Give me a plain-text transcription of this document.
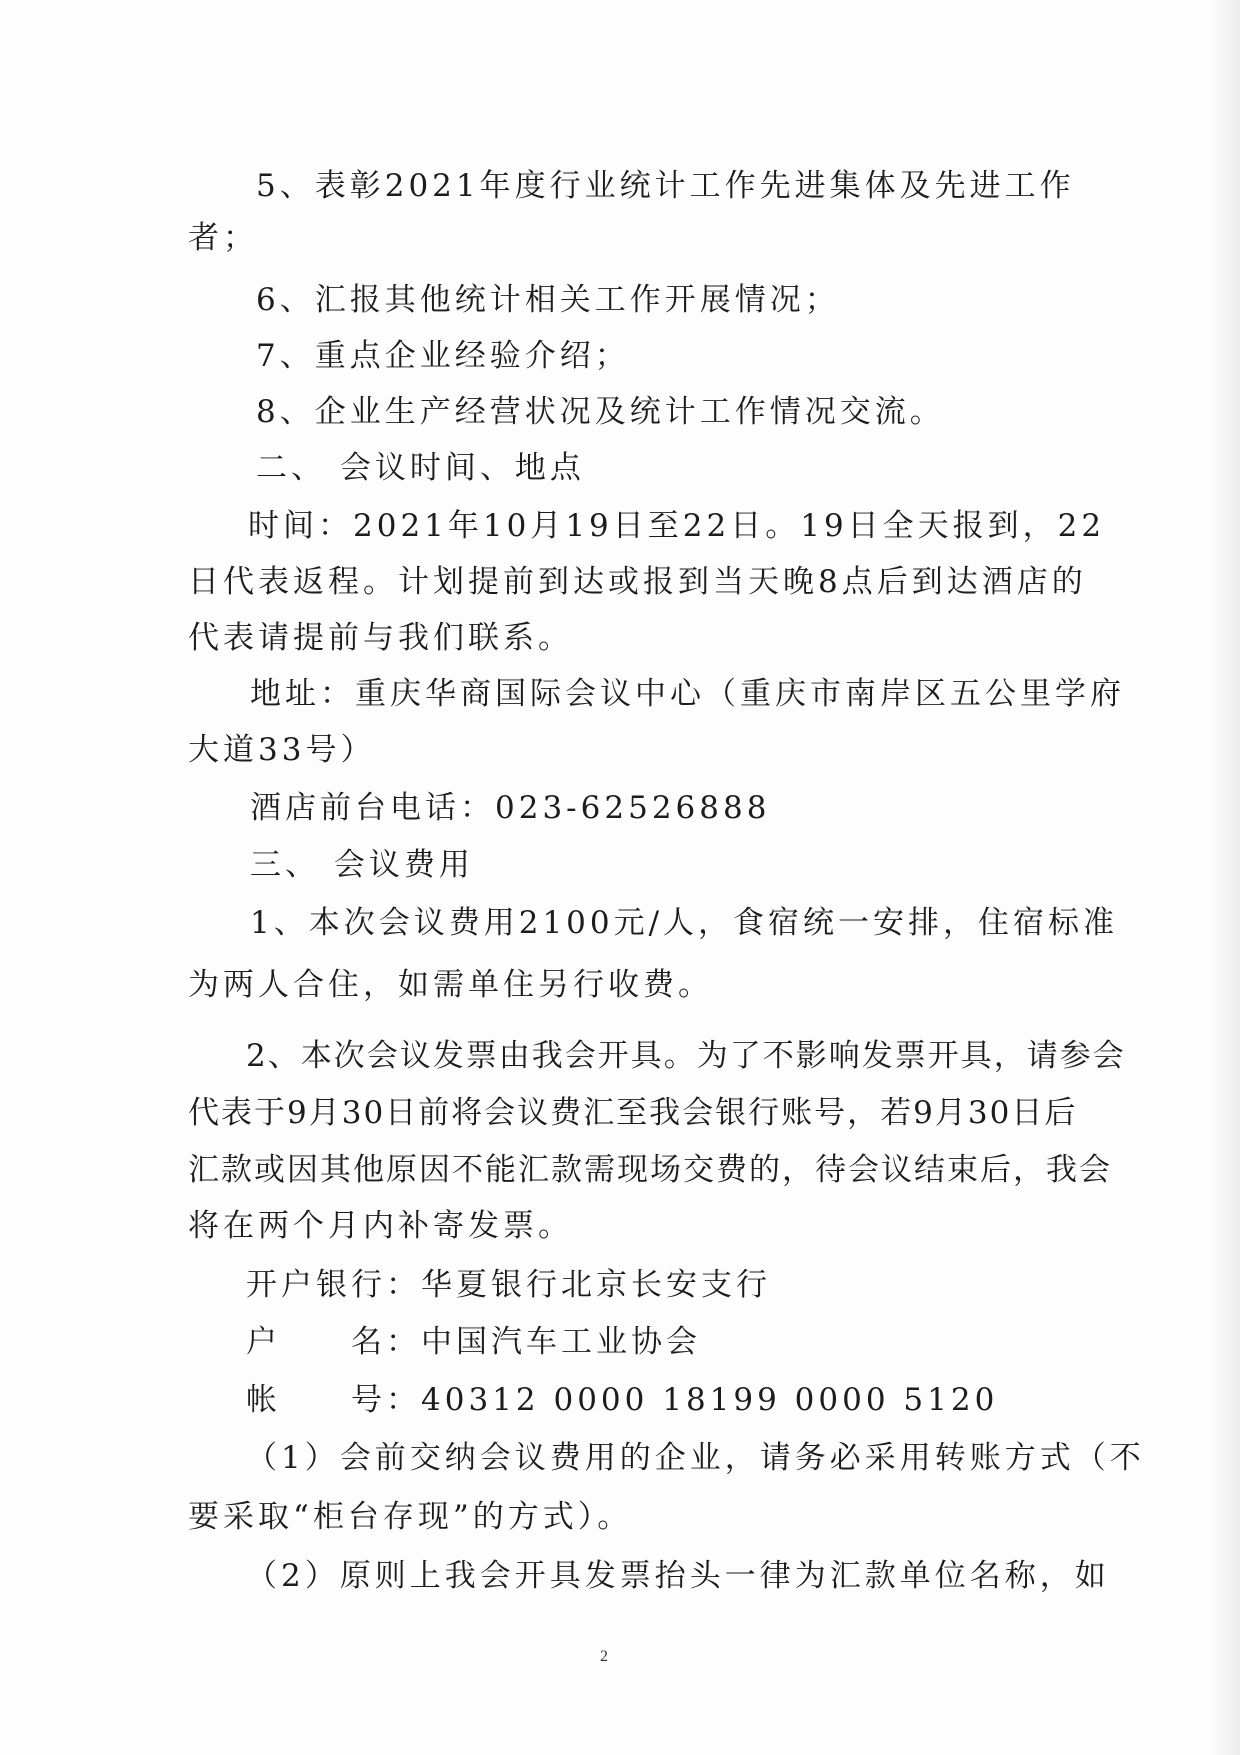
5、表彰2021年度行业统计工作先进集体及先进工作
者；
6、汇报其他统计相关工作开展情况；
7、重点企业经验介绍；
8、企业生产经营状况及统计工作情况交流。
二、 会议时间、地点
时间：2021年10月19日至22日。19日全天报到，22
日代表返程。计划提前到达或报到当天晚8点后到达酒店的
代表请提前与我们联系。
地址：重庆华商国际会议中心（重庆市南岸区五公里学府
大道33号）
酒店前台电话：023-62526888
三、 会议费用
1、本次会议费用2100元/人，食宿统一安排，住宿标准
为两人合住，如需单住另行收费。
2、本次会议发票由我会开具。为了不影响发票开具，请参会
代表于9月30日前将会议费汇至我会银行账号，若9月30日后
汇款或因其他原因不能汇款需现场交费的，待会议结束后，我会
将在两个月内补寄发票。
开户银行：华夏银行北京长安支行
户　　名：中国汽车工业协会
帐　　号：40312 0000 18199 0000 5120
（1）会前交纳会议费用的企业，请务必采用转账方式（不
要采取“柜台存现”的方式）。
（2）原则上我会开具发票抬头一律为汇款单位名称，如
2
